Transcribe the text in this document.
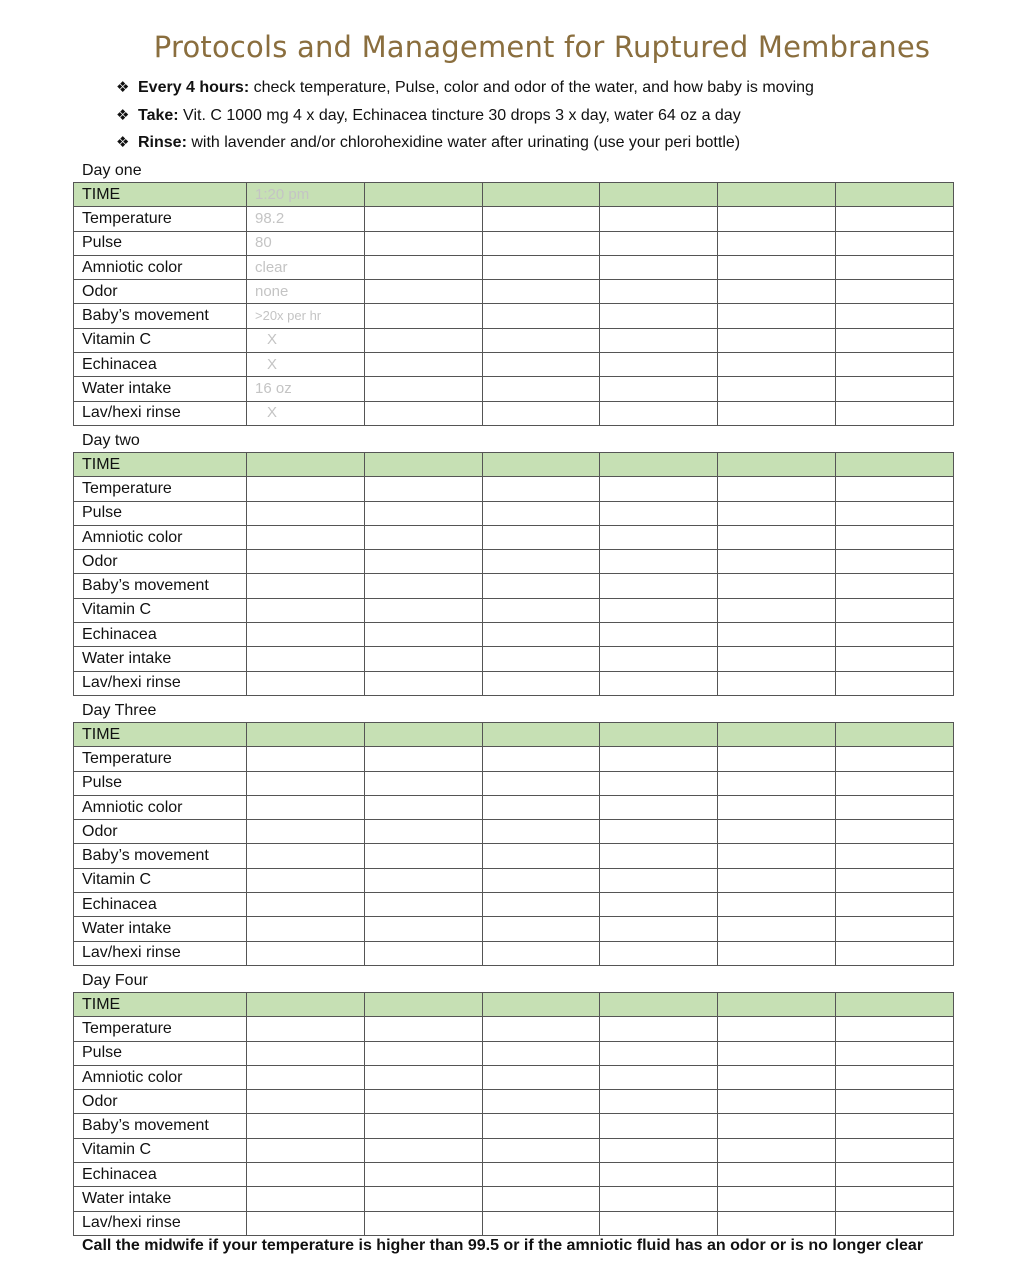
Protocols and Management for Ruptured Membranes
❖ Every 4 hours: check temperature, Pulse, color and odor of the water, and how baby is moving
❖ Take: Vit. C 1000 mg 4 x day, Echinacea tincture 30 drops 3 x day, water 64 oz a day
❖ Rinse: with lavender and/or chlorohexidine water after urinating (use your peri bottle)
Day one
TIME	1:20 pm					
Temperature	98.2					
Pulse	80					
Amniotic color	clear					
Odor	none					
Baby’s movement	>20x per hr					
Vitamin C	X					
Echinacea	X					
Water intake	16 oz					
Lav/hexi rinse	X					
Day two
TIME						
Temperature						
Pulse						
Amniotic color						
Odor						
Baby’s movement						
Vitamin C						
Echinacea						
Water intake						
Lav/hexi rinse						
Day Three
TIME						
Temperature						
Pulse						
Amniotic color						
Odor						
Baby’s movement						
Vitamin C						
Echinacea						
Water intake						
Lav/hexi rinse						
Day Four
TIME						
Temperature						
Pulse						
Amniotic color						
Odor						
Baby’s movement						
Vitamin C						
Echinacea						
Water intake						
Lav/hexi rinse						
Call the midwife if your temperature is higher than 99.5 or if the amniotic fluid has an odor or is no longer clear
